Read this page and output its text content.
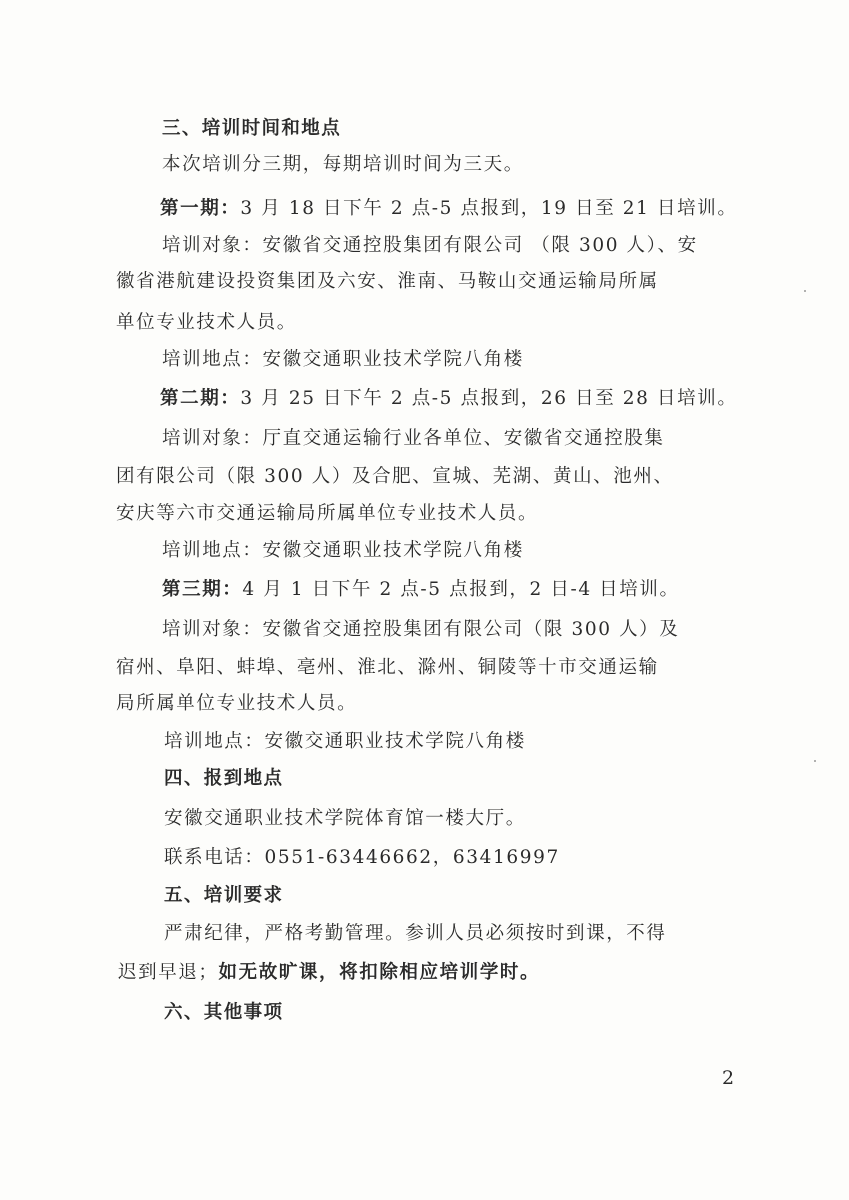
三、培训时间和地点
本次培训分三期，每期培训时间为三天。
第一期：3 月 18 日下午 2 点-5 点报到，19 日至 21 日培训。
培训对象：安徽省交通控股集团有限公司 （限 300 人）、安
徽省港航建设投资集团及六安、淮南、马鞍山交通运输局所属
单位专业技术人员。
培训地点：安徽交通职业技术学院八角楼
第二期：3 月 25 日下午 2 点-5 点报到，26 日至 28 日培训。
培训对象：厅直交通运输行业各单位、安徽省交通控股集
团有限公司（限 300 人）及合肥、宣城、芜湖、黄山、池州、
安庆等六市交通运输局所属单位专业技术人员。
培训地点：安徽交通职业技术学院八角楼
第三期：4 月 1 日下午 2 点-5 点报到，2 日-4 日培训。
培训对象：安徽省交通控股集团有限公司（限 300 人）及
宿州、阜阳、蚌埠、亳州、淮北、滁州、铜陵等十市交通运输
局所属单位专业技术人员。
培训地点：安徽交通职业技术学院八角楼
四、报到地点
安徽交通职业技术学院体育馆一楼大厅。
联系电话：0551-63446662，63416997
五、培训要求
严肃纪律，严格考勤管理。参训人员必须按时到课，不得
迟到早退；如无故旷课，将扣除相应培训学时。
六、其他事项
2
